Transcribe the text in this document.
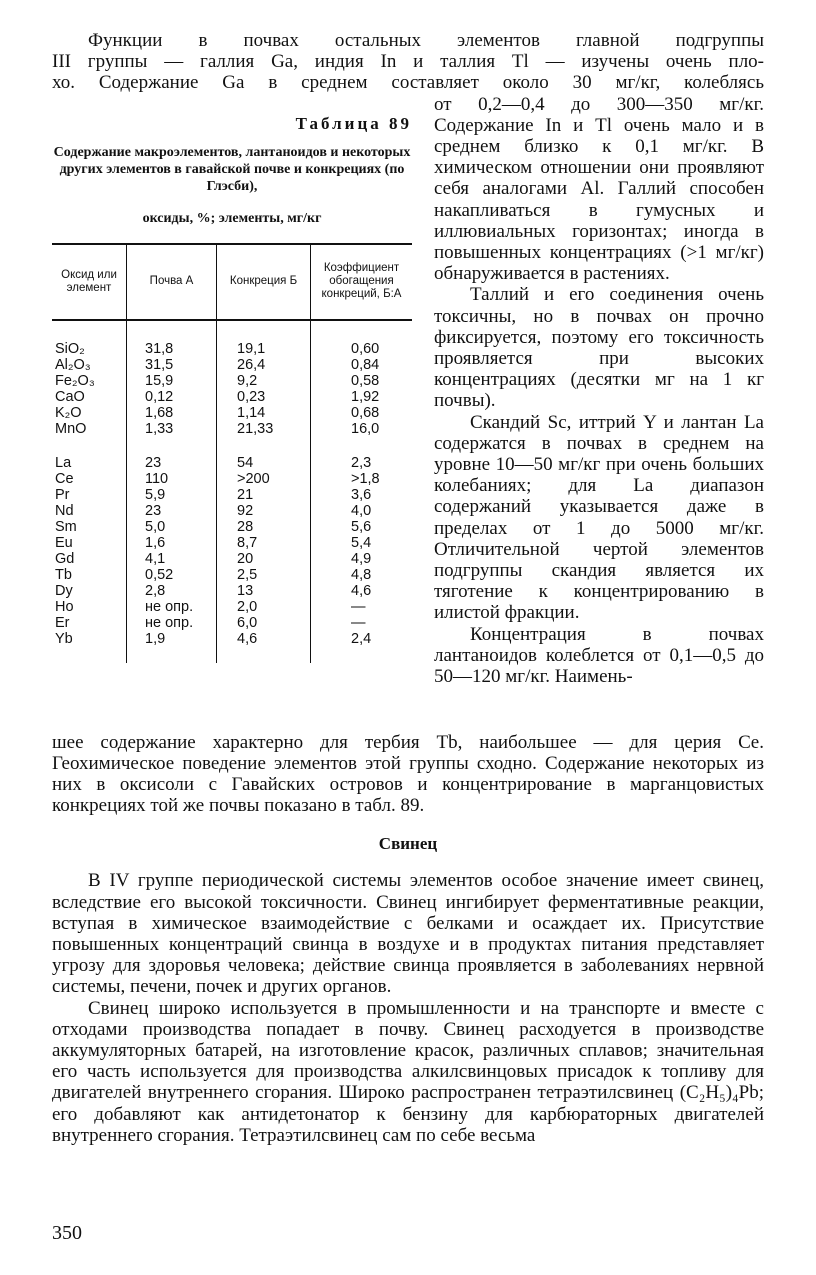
Функции в почвах остальных элементов главной подгруппы

III группы — галлия Ga, индия In и таллия Tl — изучены очень пло-

хо. Содержание Ga в среднем составляет около 30 мг/кг, колеблясь

Таблица 89
Содержание макроэлементов, лантаноидов и некоторых других элементов в гавайской почве и конкрециях (по Глэсби),
оксиды, %; элементы, мг/кг
Оксид или элемент	Почва А	Конкреция Б	Коэффициент обогащения конкреций, Б:А
SiO₂	31,8	19,1	0,60
Al₂O₃	31,5	26,4	0,84
Fe₂O₃	15,9	9,2	0,58
CaO	0,12	0,23	1,92
K₂O	1,68	1,14	0,68
MnO	1,33	21,33	16,0

La	23	54	2,3
Ce	110	>200	>1,8
Pr	5,9	21	3,6
Nd	23	92	4,0
Sm	5,0	28	5,6
Eu	1,6	8,7	5,4
Gd	4,1	20	4,9
Tb	0,52	2,5	4,8
Dy	2,8	13	4,6
Ho	не опр.	2,0	—
Er	не опр.	6,0	—
Yb	1,9	4,6	2,4

от 0,2—0,4 до 300—350 мг/кг. Содержание In и Tl очень мало и в среднем близко к 0,1 мг/кг. В химическом отношении они проявляют себя аналогами Al. Галлий способен накапливаться в гумусных и иллювиальных горизонтах; иногда в повышенных концентрациях (>1 мг/кг) обнаруживается в растениях.

Таллий и его соединения очень токсичны, но в почвах он прочно фиксируется, поэтому его токсичность проявляется при высоких концентрациях (десятки мг на 1 кг почвы).

Скандий Sc, иттрий Y и лантан La содержатся в почвах в среднем на уровне 10—50 мг/кг при очень больших колебаниях; для La диапазон содержаний указывается даже в пределах от 1 до 5000 мг/кг. Отличительной чертой элементов подгруппы скандия является их тяготение к концентрированию в илистой фракции.

Концентрация в почвах лантаноидов колеблется от 0,1—0,5 до 50—120 мг/кг. Наимень-

шее содержание характерно для тербия Tb, наибольшее — для церия Ce. Геохимическое поведение элементов этой группы сходно. Содержание некоторых из них в оксисоли с Гавайских островов и концентрирование в марганцовистых конкрециях той же почвы показано в табл. 89.

Свинец

В IV группе периодической системы элементов особое значение имеет свинец, вследствие его высокой токсичности. Свинец ингибирует ферментативные реакции, вступая в химическое взаимодействие с белками и осаждает их. Присутствие повышенных концентраций свинца в воздухе и в продуктах питания представляет угрозу для здоровья человека; действие свинца проявляется в заболеваниях нервной системы, печени, почек и других органов.

Свинец широко используется в промышленности и на транспорте и вместе с отходами производства попадает в почву. Свинец расходуется в производстве аккумуляторных батарей, на изготовление красок, различных сплавов; значительная его часть используется для производства алкилсвинцовых присадок к топливу для двигателей внутреннего сгорания. Широко распространен тетраэтилсвинец (C₂H₅)₄Pb; его добавляют как антидетонатор к бензину для карбюраторных двигателей внутреннего сгорания. Тетраэтилсвинец сам по себе весьма

350
